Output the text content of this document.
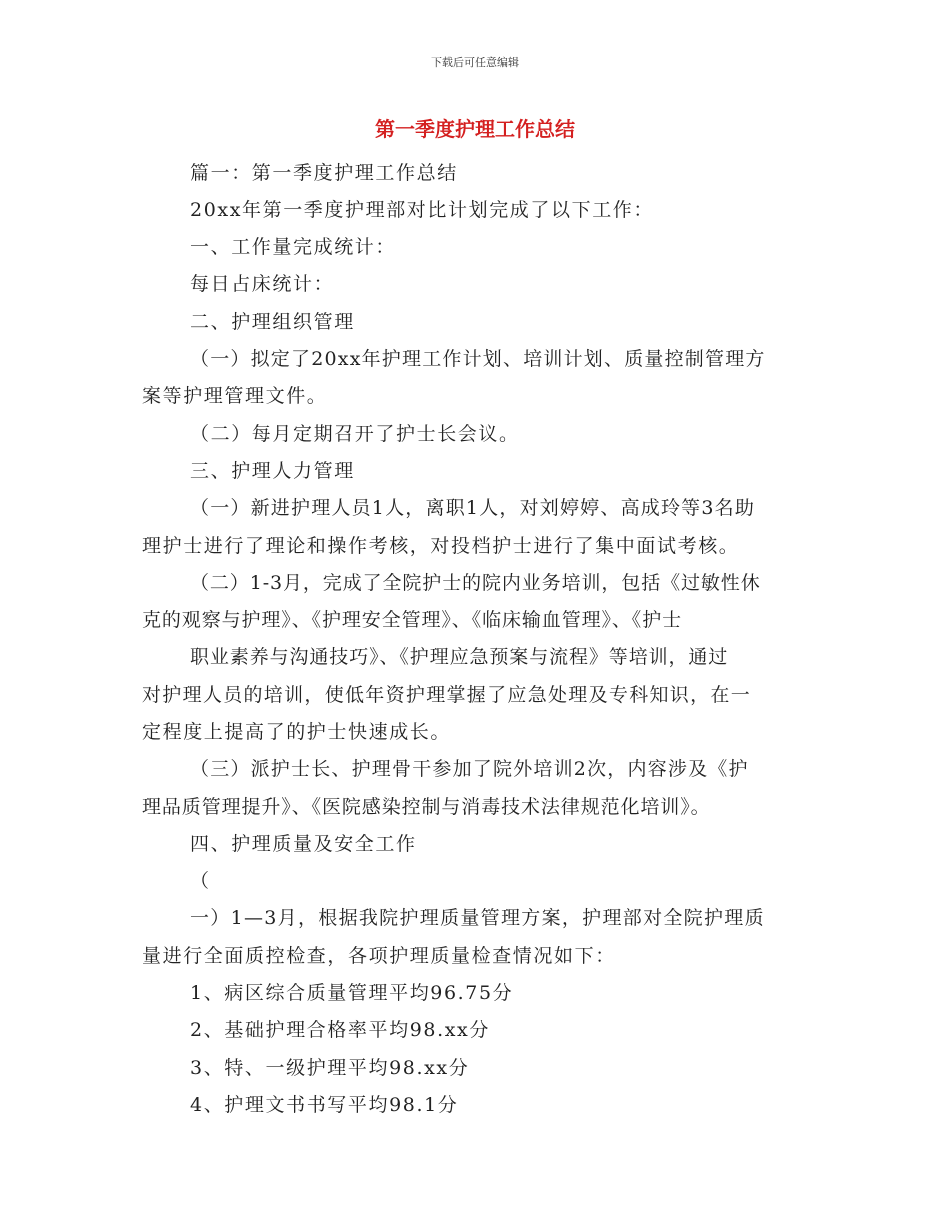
下载后可任意编辑
第一季度护理工作总结
篇一：第一季度护理工作总结
20xx年第一季度护理部对比计划完成了以下工作：
一、工作量完成统计：
每日占床统计：
二、护理组织管理
（一）拟定了20xx年护理工作计划、培训计划、质量控制管理方
案等护理管理文件。
（二）每月定期召开了护士长会议。
三、护理人力管理
（一）新进护理人员1人，离职1人，对刘婷婷、高成玲等3名助
理护士进行了理论和操作考核，对投档护士进行了集中面试考核。
（二）1-3月，完成了全院护士的院内业务培训，包括《过敏性休
克的观察与护理》、《护理安全管理》、《临床输血管理》、《护士
职业素养与沟通技巧》、《护理应急预案与流程》等培训，通过
对护理人员的培训，使低年资护理掌握了应急处理及专科知识，在一
定程度上提高了的护士快速成长。
（三）派护士长、护理骨干参加了院外培训2次，内容涉及《护
理品质管理提升》、《医院感染控制与消毒技术法律规范化培训》。
四、护理质量及安全工作
（
一）1—3月，根据我院护理质量管理方案，护理部对全院护理质
量进行全面质控检查，各项护理质量检查情况如下：
1、病区综合质量管理平均96.75分
2、基础护理合格率平均98.xx分
3、特、一级护理平均98.xx分
4、护理文书书写平均98.1分
